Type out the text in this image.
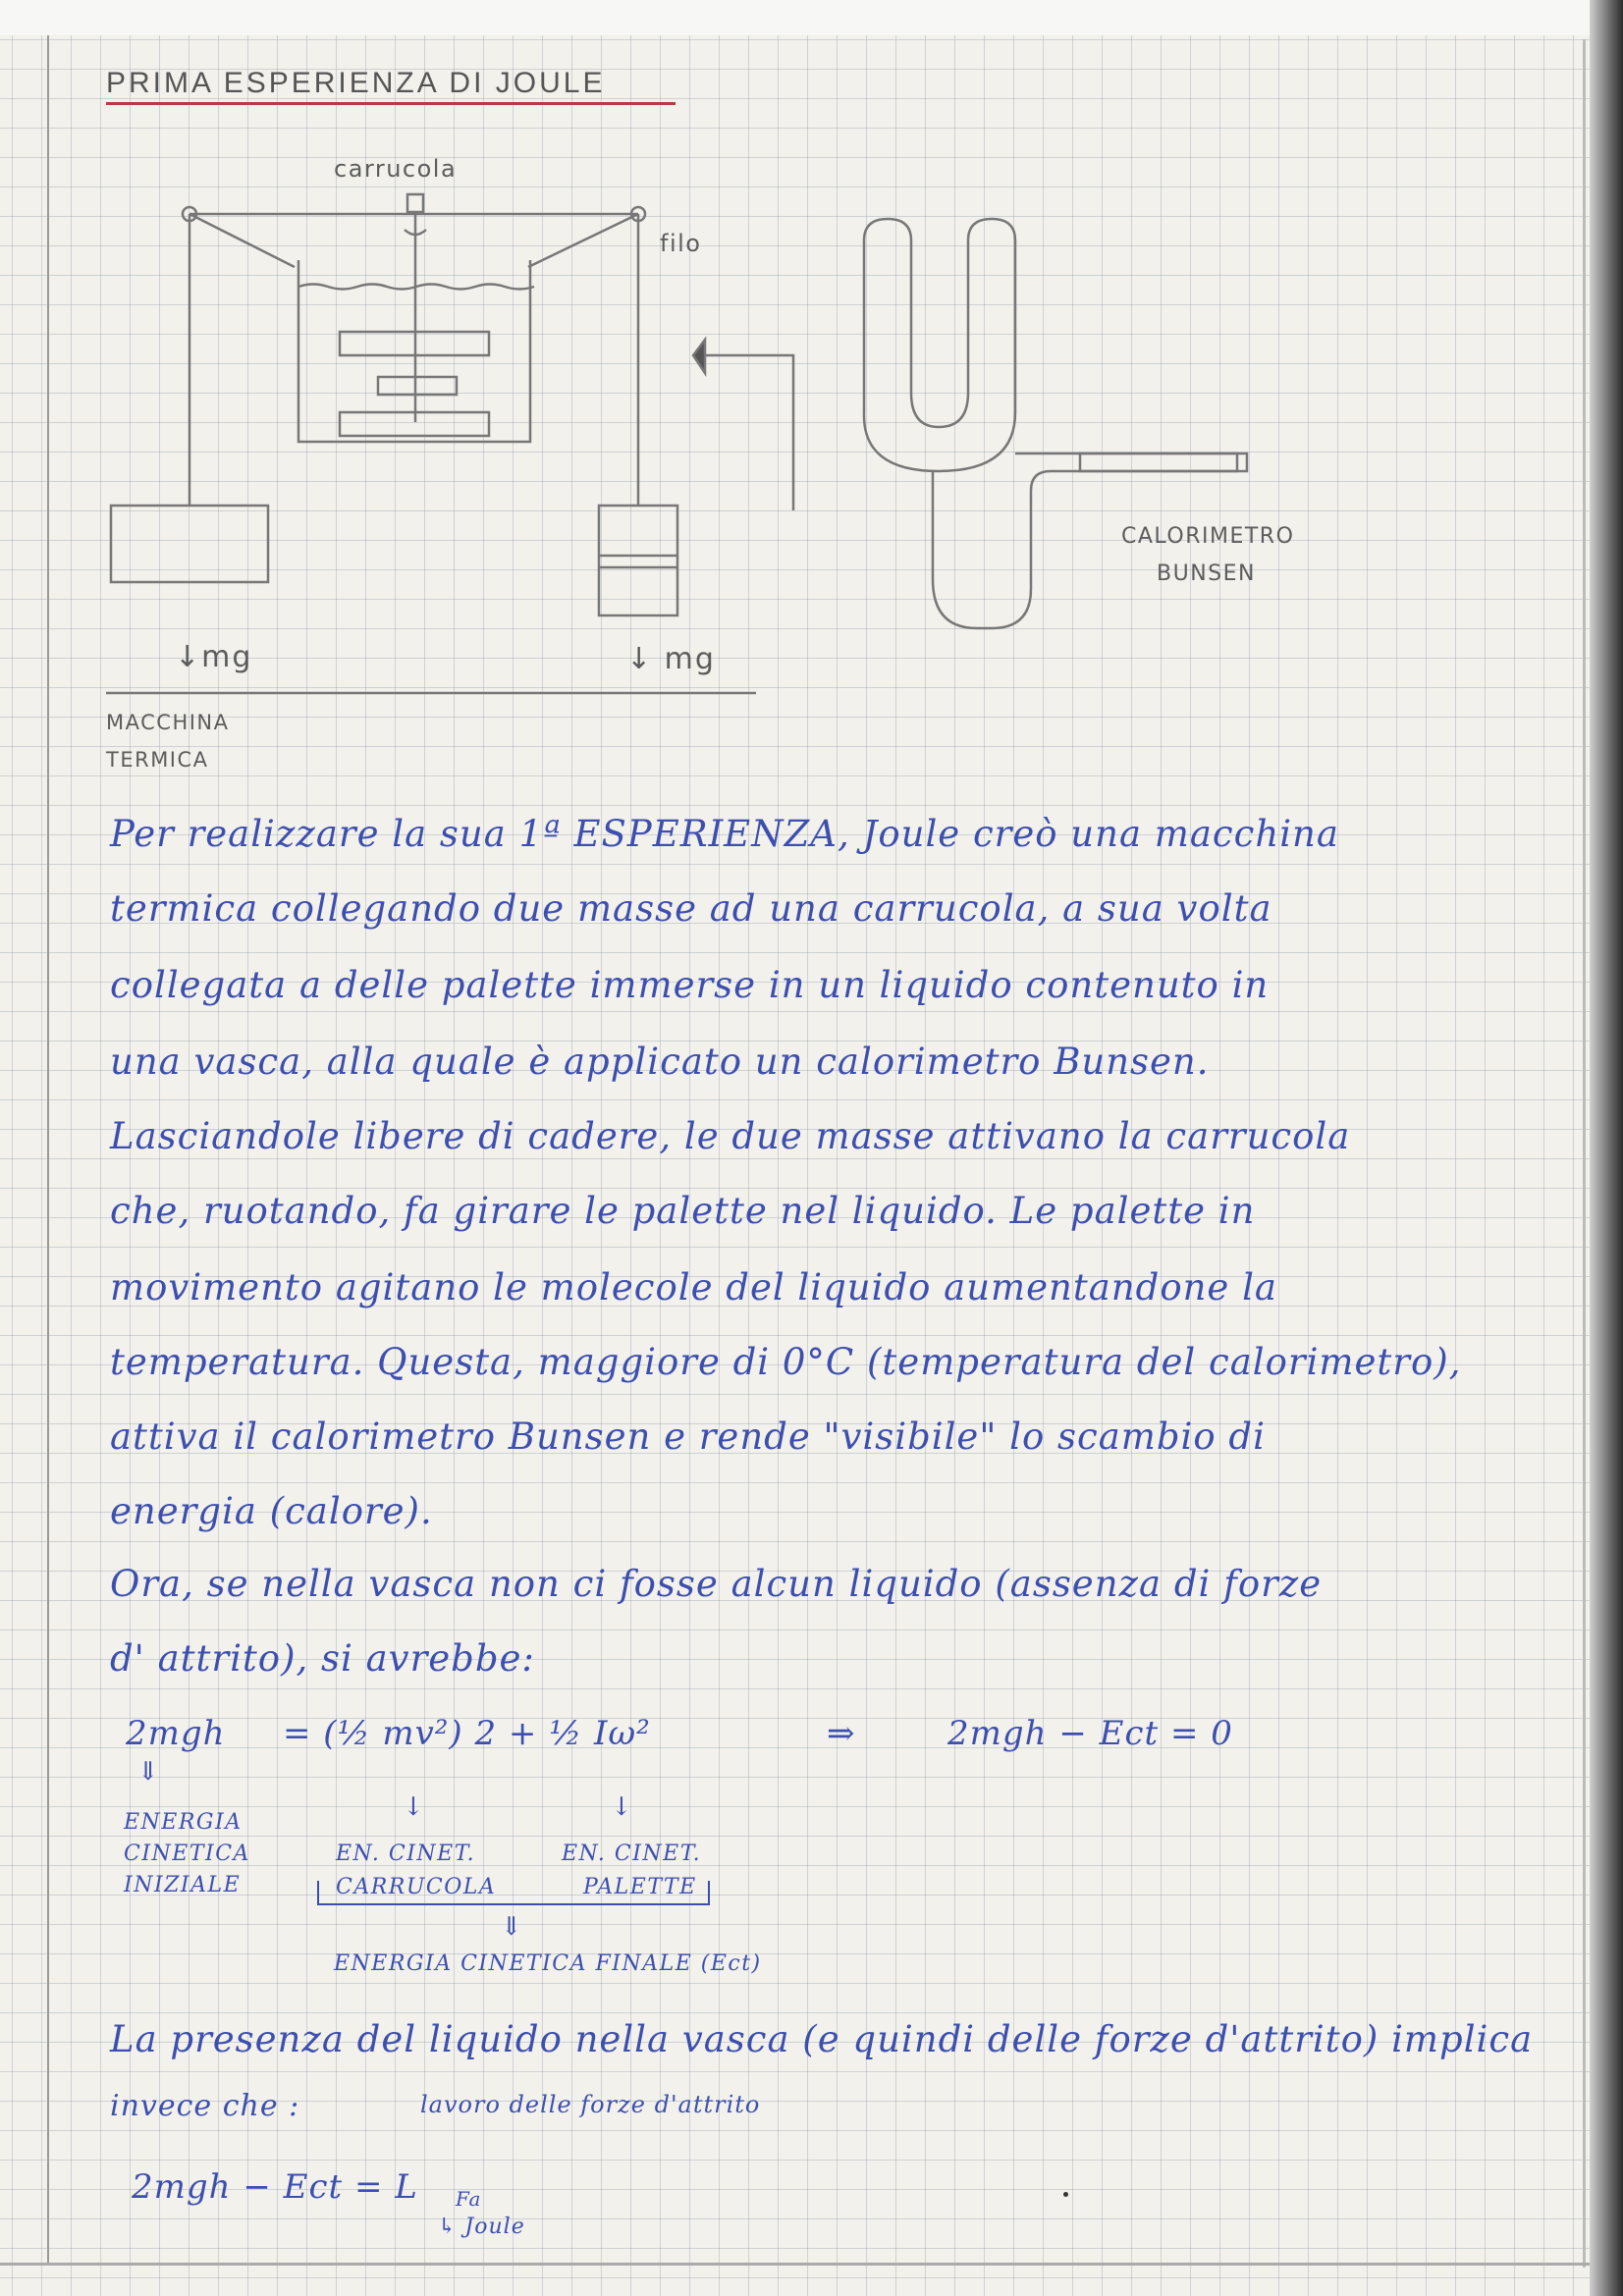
PRIMA ESPERIENZA DI JOULE
carrucola
filo
CALORIMETRO
BUNSEN
↓mg	↓ mg
MACCHINA
TERMICA
Per realizzare la sua 1ª ESPERIENZA, Joule creò una macchina
termica collegando due masse ad una carrucola, a sua volta
collegata a delle palette immerse in un liquido contenuto in
una vasca, alla quale è applicato un calorimetro Bunsen.
Lasciandole libere di cadere, le due masse attivano la carrucola
che, ruotando, fa girare le palette nel liquido. Le palette in
movimento agitano le molecole del liquido aumentandone la
temperatura. Questa, maggiore di 0°C (temperatura del calorimetro),
attiva il calorimetro Bunsen e rende "visibile" lo scambio di
energia (calore).
Ora, se nella vasca non ci fosse alcun liquido (assenza di forze
d' attrito), si avrebbe:
2mgh = (½ mv²) 2 + ½ Iω²	⇒	2mgh − Ect = 0
⇓
↓	↓
ENERGIA
CINETICA
INIZIALE
EN. CINET.
CARRUCOLA
EN. CINET.
PALETTE
⇓
ENERGIA CINETICA FINALE (Ect)
La presenza del liquido nella vasca (e quindi delle forze d'attrito) implica
invece che :	lavoro delle forze d'attrito
2mgh − Ect = L Fa
↳ Joule
